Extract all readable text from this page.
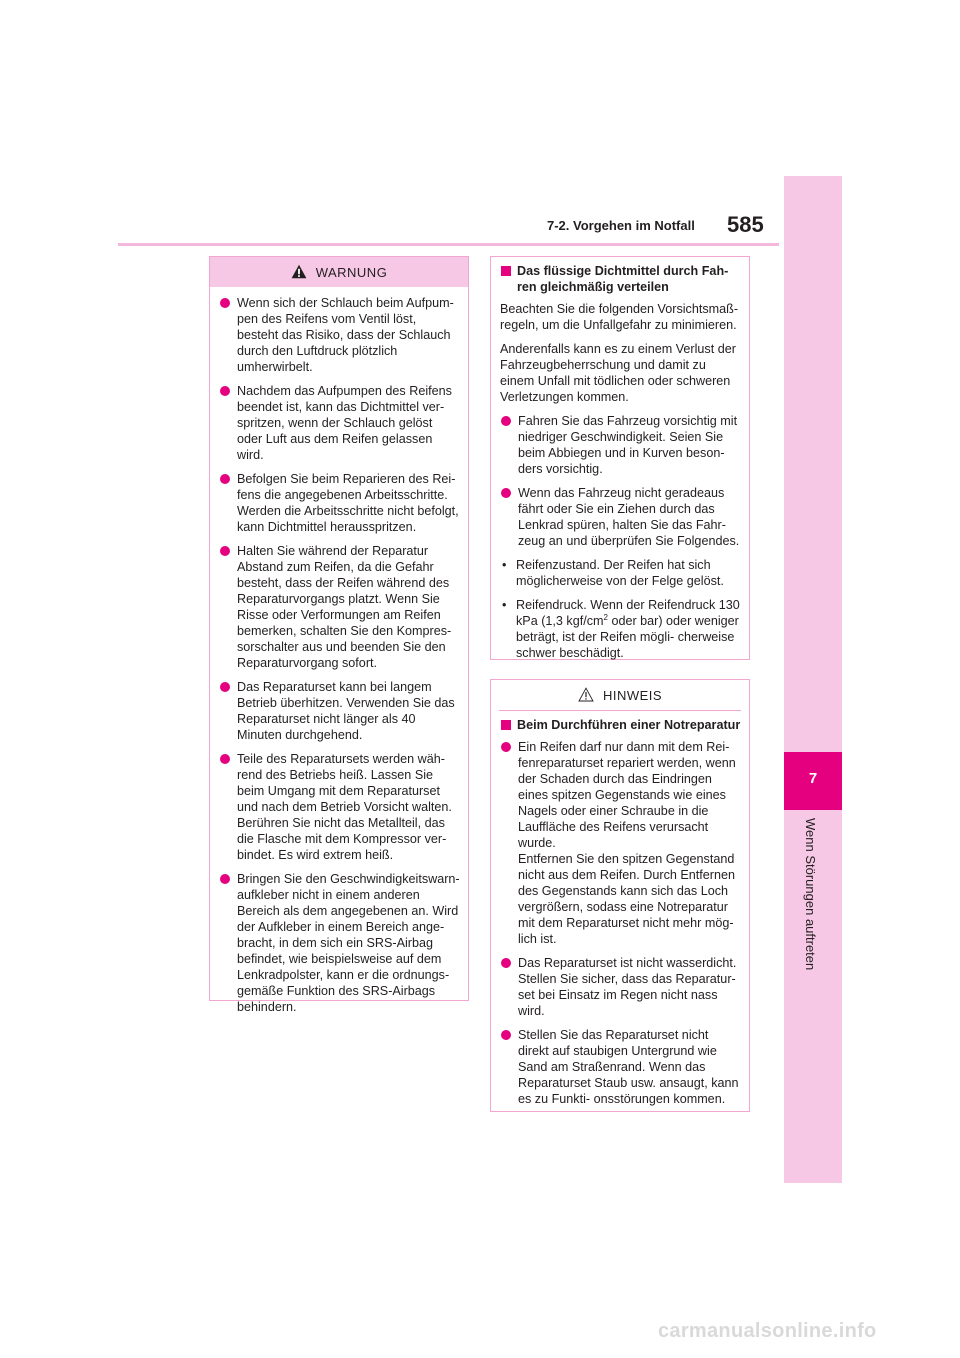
7-2. Vorgehen im Notfall 585
7
Wenn Störungen auftreten
WARNUNG
Wenn sich der Schlauch beim Aufpum- pen des Reifens vom Ventil löst, besteht das Risiko, dass der Schlauch durch den Luftdruck plötzlich umherwirbelt.
Nachdem das Aufpumpen des Reifens beendet ist, kann das Dichtmittel ver- spritzen, wenn der Schlauch gelöst oder Luft aus dem Reifen gelassen wird.
Befolgen Sie beim Reparieren des Rei- fens die angegebenen Arbeitsschritte. Werden die Arbeitsschritte nicht befolgt, kann Dichtmittel herausspritzen.
Halten Sie während der Reparatur Abstand zum Reifen, da die Gefahr besteht, dass der Reifen während des Reparaturvorgangs platzt. Wenn Sie Risse oder Verformungen am Reifen bemerken, schalten Sie den Kompres- sorschalter aus und beenden Sie den Reparaturvorgang sofort.
Das Reparaturset kann bei langem Betrieb überhitzen. Verwenden Sie das Reparaturset nicht länger als 40 Minuten durchgehend.
Teile des Reparatursets werden wäh- rend des Betriebs heiß. Lassen Sie beim Umgang mit dem Reparaturset und nach dem Betrieb Vorsicht walten. Berühren Sie nicht das Metallteil, das die Flasche mit dem Kompressor ver- bindet. Es wird extrem heiß.
Bringen Sie den Geschwindigkeitswarn- aufkleber nicht in einem anderen Bereich als dem angegebenen an. Wird der Aufkleber in einem Bereich ange- bracht, in dem sich ein SRS-Airbag befindet, wie beispielsweise auf dem Lenkradpolster, kann er die ordnungs- gemäße Funktion des SRS-Airbags behindern.
Das flüssige Dichtmittel durch Fah- ren gleichmäßig verteilen
Beachten Sie die folgenden Vorsichtsmaß- regeln, um die Unfallgefahr zu minimieren.
Anderenfalls kann es zu einem Verlust der Fahrzeugbeherrschung und damit zu einem Unfall mit tödlichen oder schweren Verletzungen kommen.
Fahren Sie das Fahrzeug vorsichtig mit niedriger Geschwindigkeit. Seien Sie beim Abbiegen und in Kurven beson- ders vorsichtig.
Wenn das Fahrzeug nicht geradeaus fährt oder Sie ein Ziehen durch das Lenkrad spüren, halten Sie das Fahr- zeug an und überprüfen Sie Folgendes.
• Reifenzustand. Der Reifen hat sich möglicherweise von der Felge gelöst.
• Reifendruck. Wenn der Reifendruck 130 kPa (1,3 kgf/$cm^2$ oder bar) oder weniger beträgt, ist der Reifen mögli- cherweise schwer beschädigt.
HINWEIS
Beim Durchführen einer Notreparatur
Ein Reifen darf nur dann mit dem Rei- fenreparaturset repariert werden, wenn der Schaden durch das Eindringen eines spitzen Gegenstands wie eines Nagels oder einer Schraube in die Lauffläche des Reifens verursacht wurde.
Entfernen Sie den spitzen Gegenstand nicht aus dem Reifen. Durch Entfernen des Gegenstands kann sich das Loch vergrößern, sodass eine Notreparatur mit dem Reparaturset nicht mehr mög- lich ist.
Das Reparaturset ist nicht wasserdicht. Stellen Sie sicher, dass das Reparatur- set bei Einsatz im Regen nicht nass wird.
Stellen Sie das Reparaturset nicht direkt auf staubigen Untergrund wie Sand am Straßenrand. Wenn das Reparaturset Staub usw. ansaugt, kann es zu Funkti- onsstörungen kommen.
carmanualsonline.info
